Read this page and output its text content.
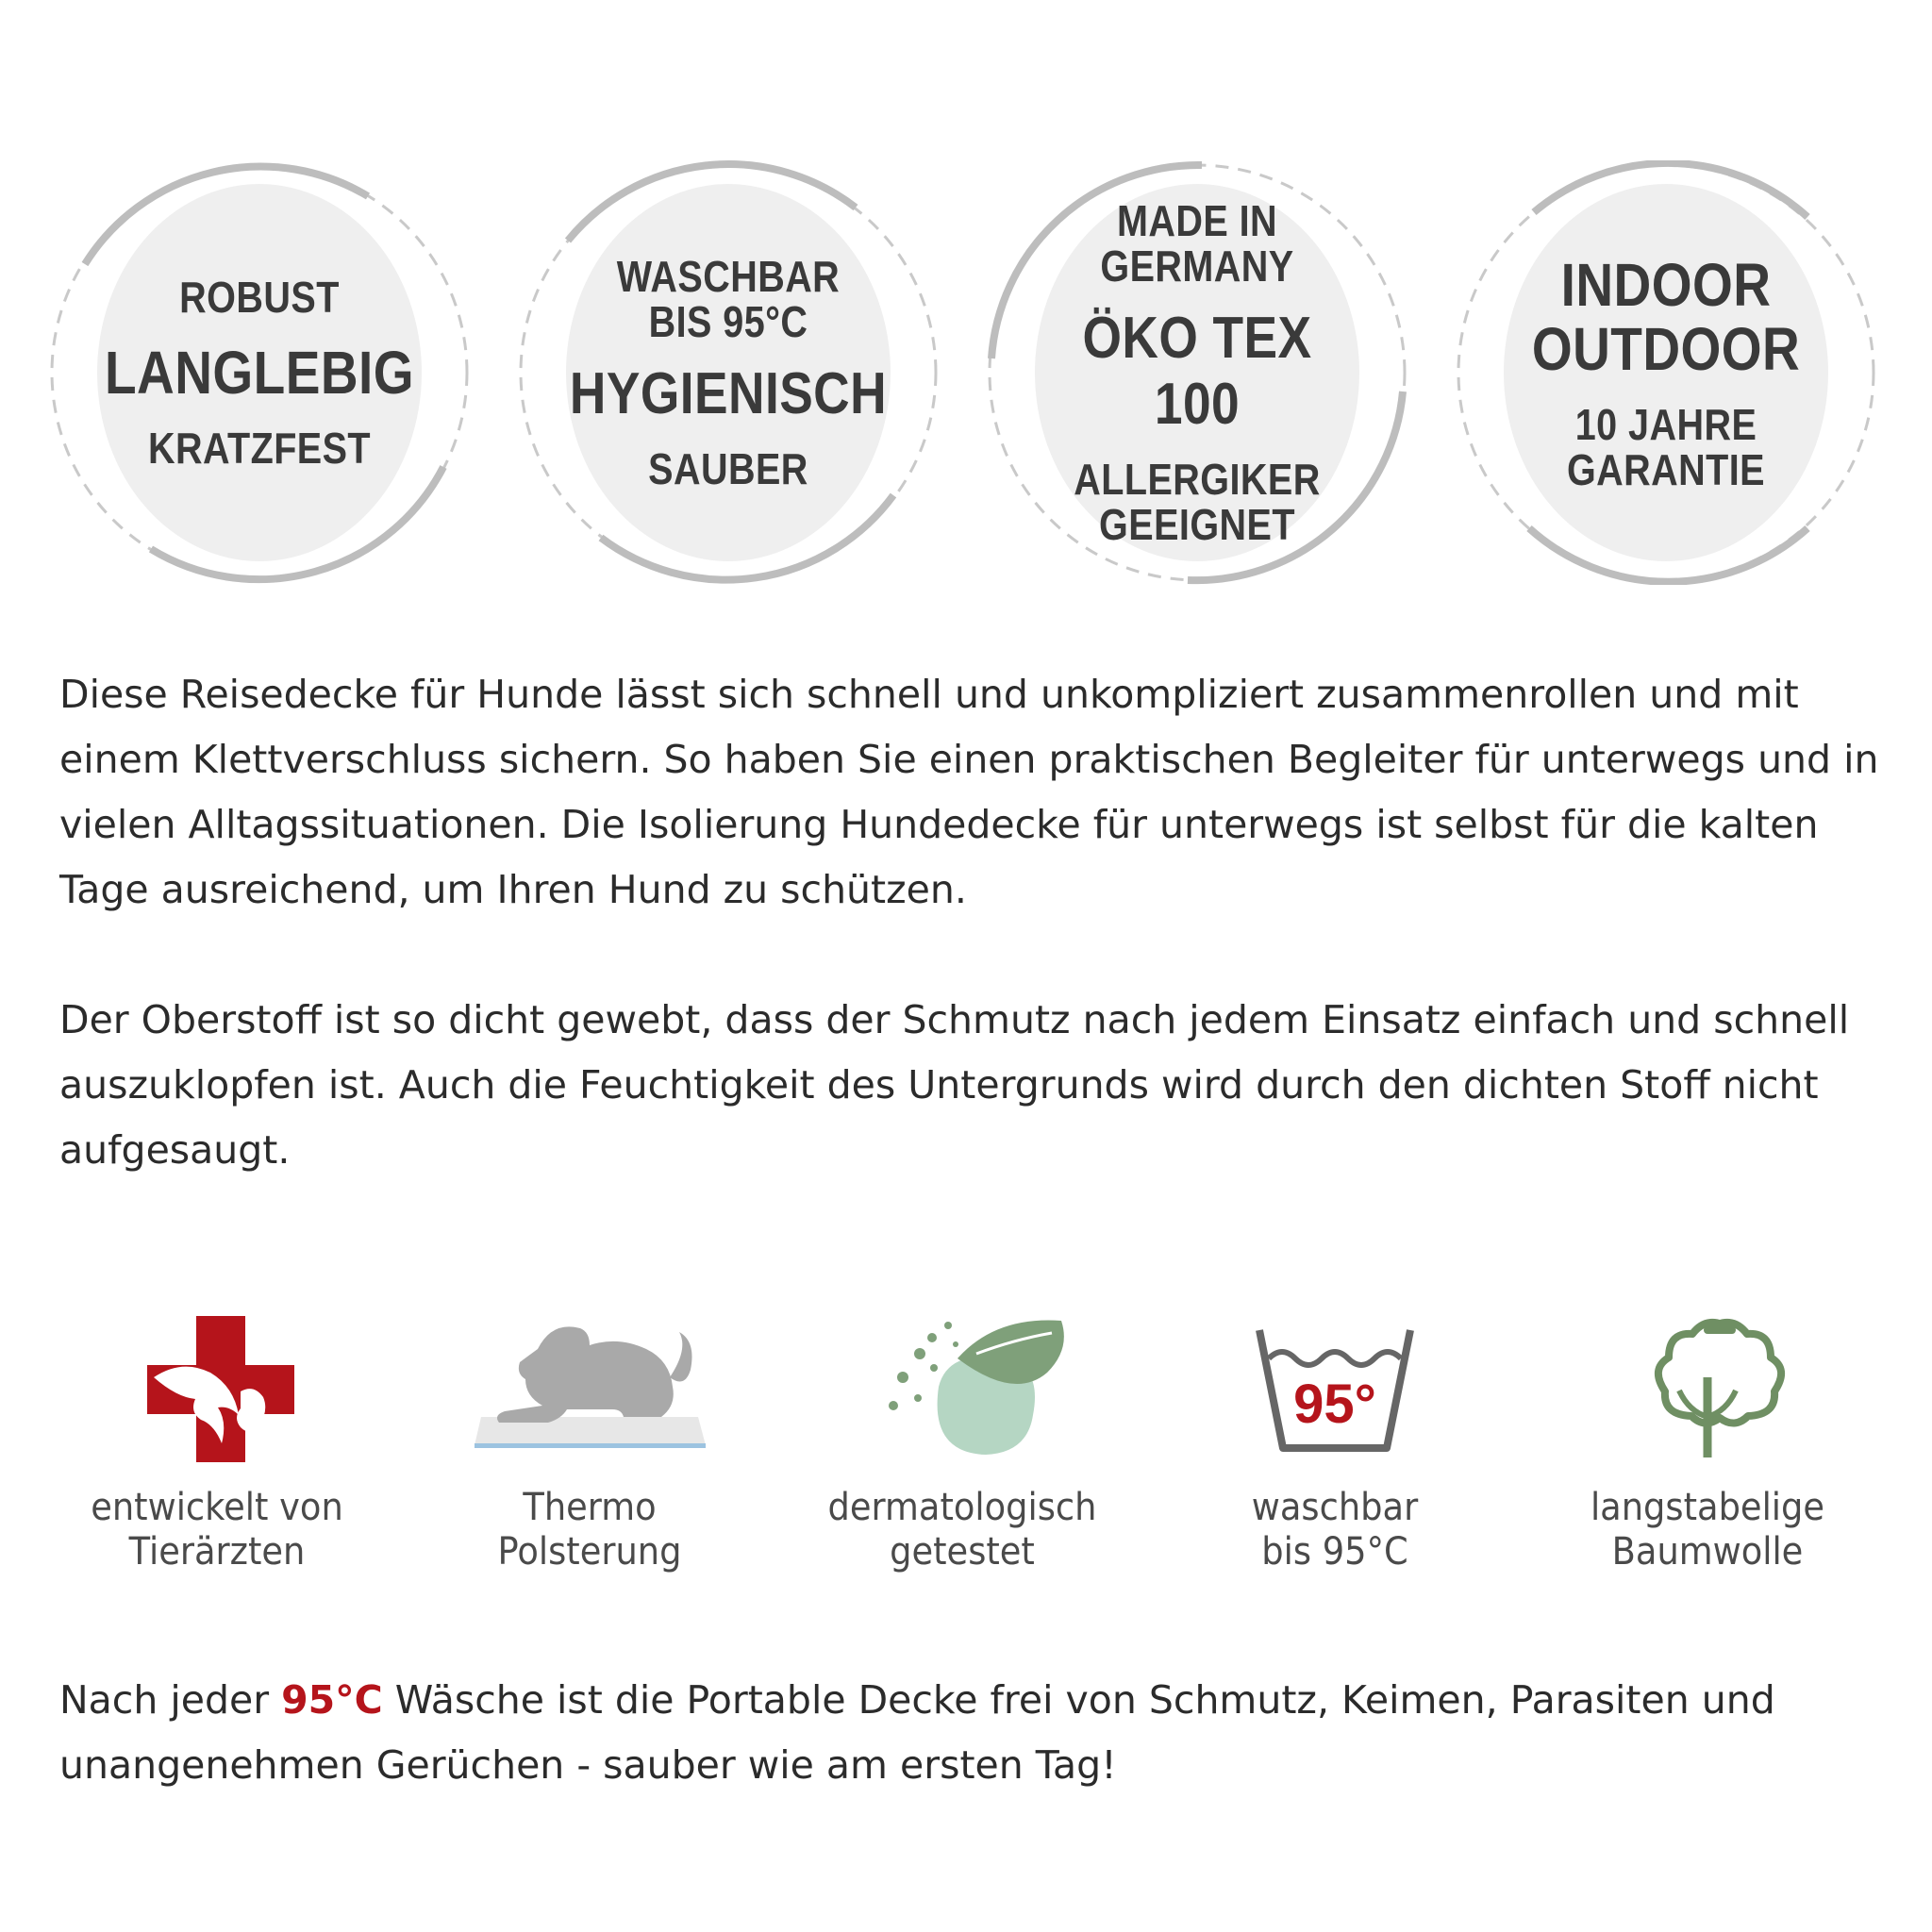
ROBUST
LANGLEBIG
KRATZFEST
WASCHBAR
BIS 95°C
HYGIENISCH
SAUBER
MADE IN
GERMANY
ÖKO TEX 100
ALLERGIKER
GEEIGNET
INDOOR
OUTDOOR
10 JAHRE
GARANTIE

Diese Reisedecke für Hunde lässt sich schnell und unkompliziert zusammenrollen und mit einem Klettverschluss sichern. So haben Sie einen praktischen Begleiter für unterwegs und in vielen Alltagssituationen. Die Isolierung Hundedecke für unterwegs ist selbst für die kalten Tage ausreichend, um Ihren Hund zu schützen.

Der Oberstoff ist so dicht gewebt, dass der Schmutz nach jedem Einsatz einfach und schnell auszuklopfen ist. Auch die Feuchtigkeit des Untergrunds wird durch den dichten Stoff nicht aufgesaugt.

entwickelt von
Tierärzten
Thermo
Polsterung
dermatologisch
getestet
95°
waschbar
bis 95°C
langstabelige
Baumwolle

Nach jeder 95°C Wäsche ist die Portable Decke frei von Schmutz, Keimen, Parasiten und unangenehmen Gerüchen - sauber wie am ersten Tag!
